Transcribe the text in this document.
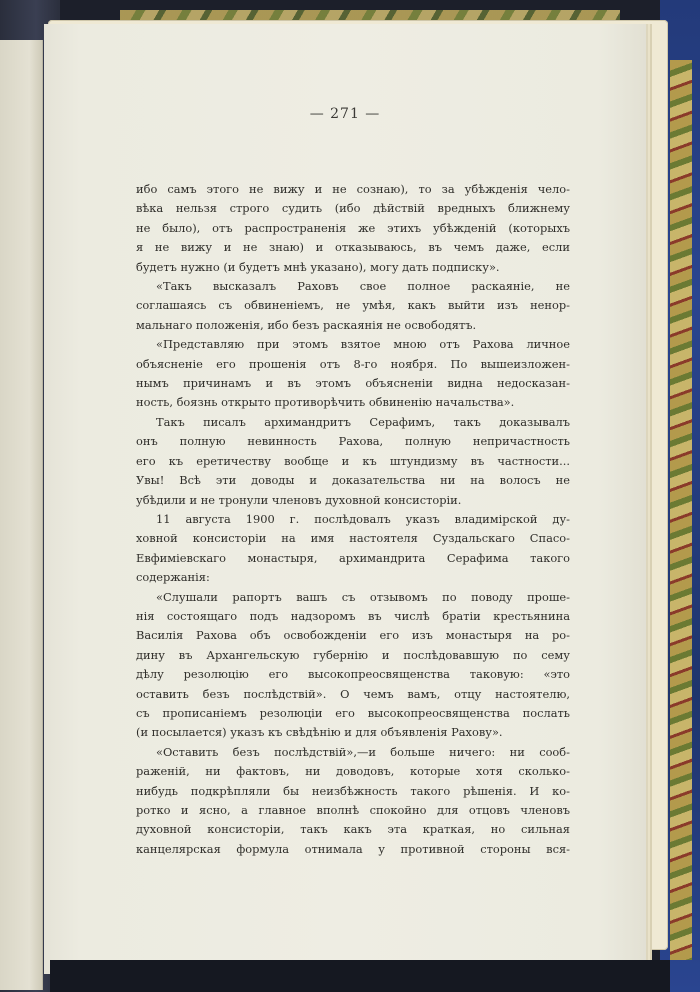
— 271 —
ибо самъ этого не вижу и не сознаю), то за убѣжденія чело-
вѣка нельзя строго судить (ибо дѣйствій вредныхъ ближнему
не было), отъ распространенія же этихъ убѣжденій (которыхъ
я не вижу и не знаю) и отказываюсь, въ чемъ даже, если
будетъ нужно (и будетъ мнѣ указано), могу дать подписку».
«Такъ высказалъ Раховъ свое полное раскаяніе, не
соглашаясь съ обвиненіемъ, не умѣя, какъ выйти изъ ненор-
мальнаго положенія, ибо безъ раскаянія не освободятъ.
«Представляю при этомъ взятое мною отъ Рахова личное
объясненіе его прошенія отъ 8-го ноября. По вышеизложен-
нымъ причинамъ и въ этомъ объясненіи видна недосказан-
ность, боязнь открыто противорѣчить обвиненію начальства».
Такъ писалъ архимандритъ Серафимъ, такъ доказывалъ
онъ полную невинность Рахова, полную непричастность
его къ еретичеству вообще и къ штундизму въ частности...
Увы! Всѣ эти доводы и доказательства ни на волосъ не
убѣдили и не тронули членовъ духовной консисторіи.
11 августа 1900 г. послѣдовалъ указъ владимірской ду-
ховной консисторіи на имя настоятеля Суздальскаго Спасо-
Евфиміевскаго монастыря, архимандрита Серафима такого
содержанія:
«Слушали рапортъ вашъ съ отзывомъ по поводу проше-
нія состоящаго подъ надзоромъ въ числѣ братіи крестьянина
Василія Рахова объ освобожденіи его изъ монастыря на ро-
дину въ Архангельскую губернію и послѣдовавшую по сему
дѣлу резолюцію его высокопреосвященства таковую: «это
оставить безъ послѣдствій». О чемъ вамъ, отцу настоятелю,
съ прописаніемъ резолюціи его высокопреосвященства послать
(и посылается) указъ къ свѣдѣнію и для объявленія Рахову».
«Оставить безъ послѣдствій»,—и больше ничего: ни сооб-
раженій, ни фактовъ, ни доводовъ, которые хотя сколько-
нибудь подкрѣпляли бы неизбѣжность такого рѣшенія. И ко-
ротко и ясно, а главное вполнѣ спокойно для отцовъ членовъ
духовной консисторіи, такъ какъ эта краткая, но сильная
канцелярская формула отнимала у противной стороны вся-
